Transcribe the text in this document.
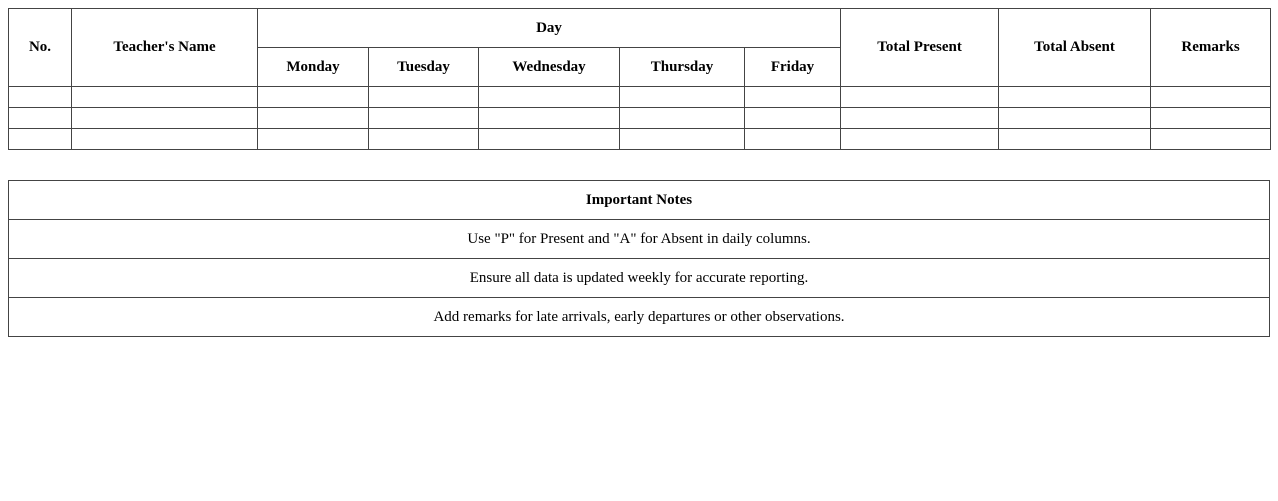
No.	Teacher's Name	Day					Total Present	Total Absent	Remarks
		Monday	Tuesday	Wednesday	Thursday	Friday			

Important Notes
Use "P" for Present and "A" for Absent in daily columns.
Ensure all data is updated weekly for accurate reporting.
Add remarks for late arrivals, early departures or other observations.
